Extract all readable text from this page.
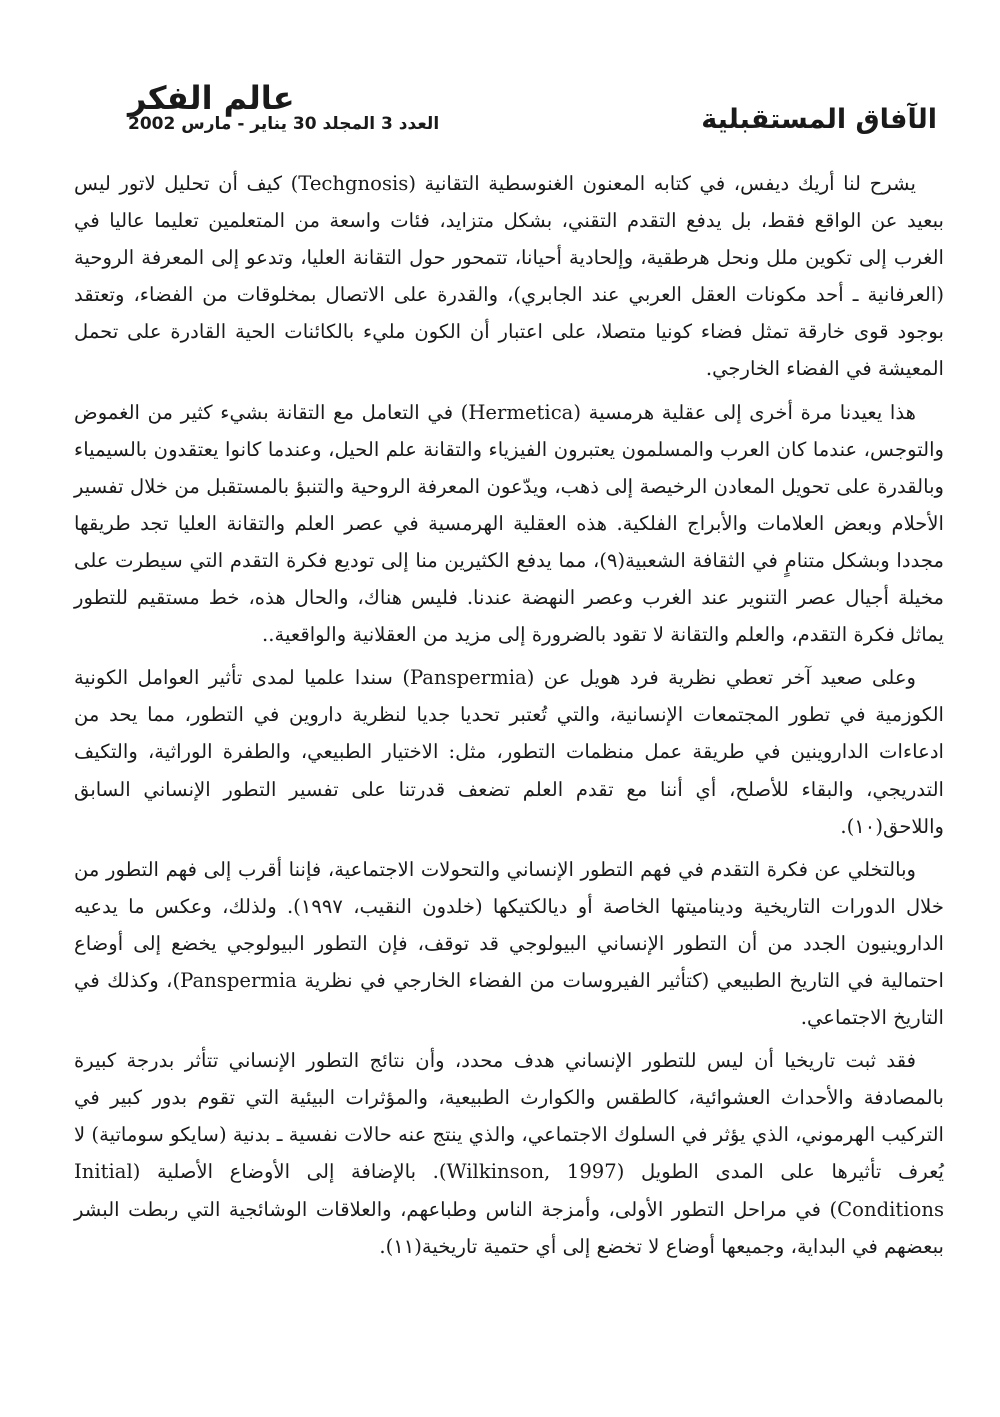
عالم الفكر
العدد 3 المجلد 30 يناير - مارس 2002	الآفاق المستقبلية

يشرح لنا أريك ديفس، في كتابه المعنون الغنوسطية التقانية (Techgnosis) كيف أن تحليل لاتور ليس ببعيد عن الواقع فقط، بل يدفع التقدم التقني، بشكل متزايد، فئات واسعة من المتعلمين تعليما عاليا في الغرب إلى تكوين ملل ونحل هرطقية، وإلحادية أحيانا، تتمحور حول التقانة العليا، وتدعو إلى المعرفة الروحية (العرفانية ـ أحد مكونات العقل العربي عند الجابري)، والقدرة على الاتصال بمخلوقات من الفضاء، وتعتقد بوجود قوى خارقة تمثل فضاء كونيا متصلا، على اعتبار أن الكون مليء بالكائنات الحية القادرة على تحمل المعيشة في الفضاء الخارجي.

هذا يعيدنا مرة أخرى إلى عقلية هرمسية (Hermetica) في التعامل مع التقانة بشيء كثير من الغموض والتوجس، عندما كان العرب والمسلمون يعتبرون الفيزياء والتقانة علم الحيل، وعندما كانوا يعتقدون بالسيمياء وبالقدرة على تحويل المعادن الرخيصة إلى ذهب، ويدّعون المعرفة الروحية والتنبؤ بالمستقبل من خلال تفسير الأحلام وبعض العلامات والأبراج الفلكية. هذه العقلية الهرمسية في عصر العلم والتقانة العليا تجد طريقها مجددا وبشكل متنامٍ في الثقافة الشعبية(٩)، مما يدفع الكثيرين منا إلى توديع فكرة التقدم التي سيطرت على مخيلة أجيال عصر التنوير عند الغرب وعصر النهضة عندنا. فليس هناك، والحال هذه، خط مستقيم للتطور يماثل فكرة التقدم، والعلم والتقانة لا تقود بالضرورة إلى مزيد من العقلانية والواقعية..

وعلى صعيد آخر تعطي نظرية فرد هويل عن (Panspermia) سندا علميا لمدى تأثير العوامل الكونية الكوزمية في تطور المجتمعات الإنسانية، والتي تُعتبر تحديا جديا لنظرية داروين في التطور، مما يحد من ادعاءات الداروينين في طريقة عمل منظمات التطور، مثل: الاختيار الطبيعي، والطفرة الوراثية، والتكيف التدريجي، والبقاء للأصلح، أي أننا مع تقدم العلم تضعف قدرتنا على تفسير التطور الإنساني السابق واللاحق(١٠).

وبالتخلي عن فكرة التقدم في فهم التطور الإنساني والتحولات الاجتماعية، فإننا أقرب إلى فهم التطور من خلال الدورات التاريخية وديناميتها الخاصة أو ديالكتيكها (خلدون النقيب، ١٩٩٧). ولذلك، وعكس ما يدعيه الداروينيون الجدد من أن التطور الإنساني البيولوجي قد توقف، فإن التطور البيولوجي يخضع إلى أوضاع احتمالية في التاريخ الطبيعي (كتأثير الفيروسات من الفضاء الخارجي في نظرية Panspermia)، وكذلك في التاريخ الاجتماعي.

فقد ثبت تاريخيا أن ليس للتطور الإنساني هدف محدد، وأن نتائج التطور الإنساني تتأثر بدرجة كبيرة بالمصادفة والأحداث العشوائية، كالطقس والكوارث الطبيعية، والمؤثرات البيئية التي تقوم بدور كبير في التركيب الهرموني، الذي يؤثر في السلوك الاجتماعي، والذي ينتج عنه حالات نفسية ـ بدنية (سايكو سوماتية) لا يُعرف تأثيرها على المدى الطويل (Wilkinson, 1997). بالإضافة إلى الأوضاع الأصلية (Initial Conditions) في مراحل التطور الأولى، وأمزجة الناس وطباعهم، والعلاقات الوشائجية التي ربطت البشر ببعضهم في البداية، وجميعها أوضاع لا تخضع إلى أي حتمية تاريخية(١١).
